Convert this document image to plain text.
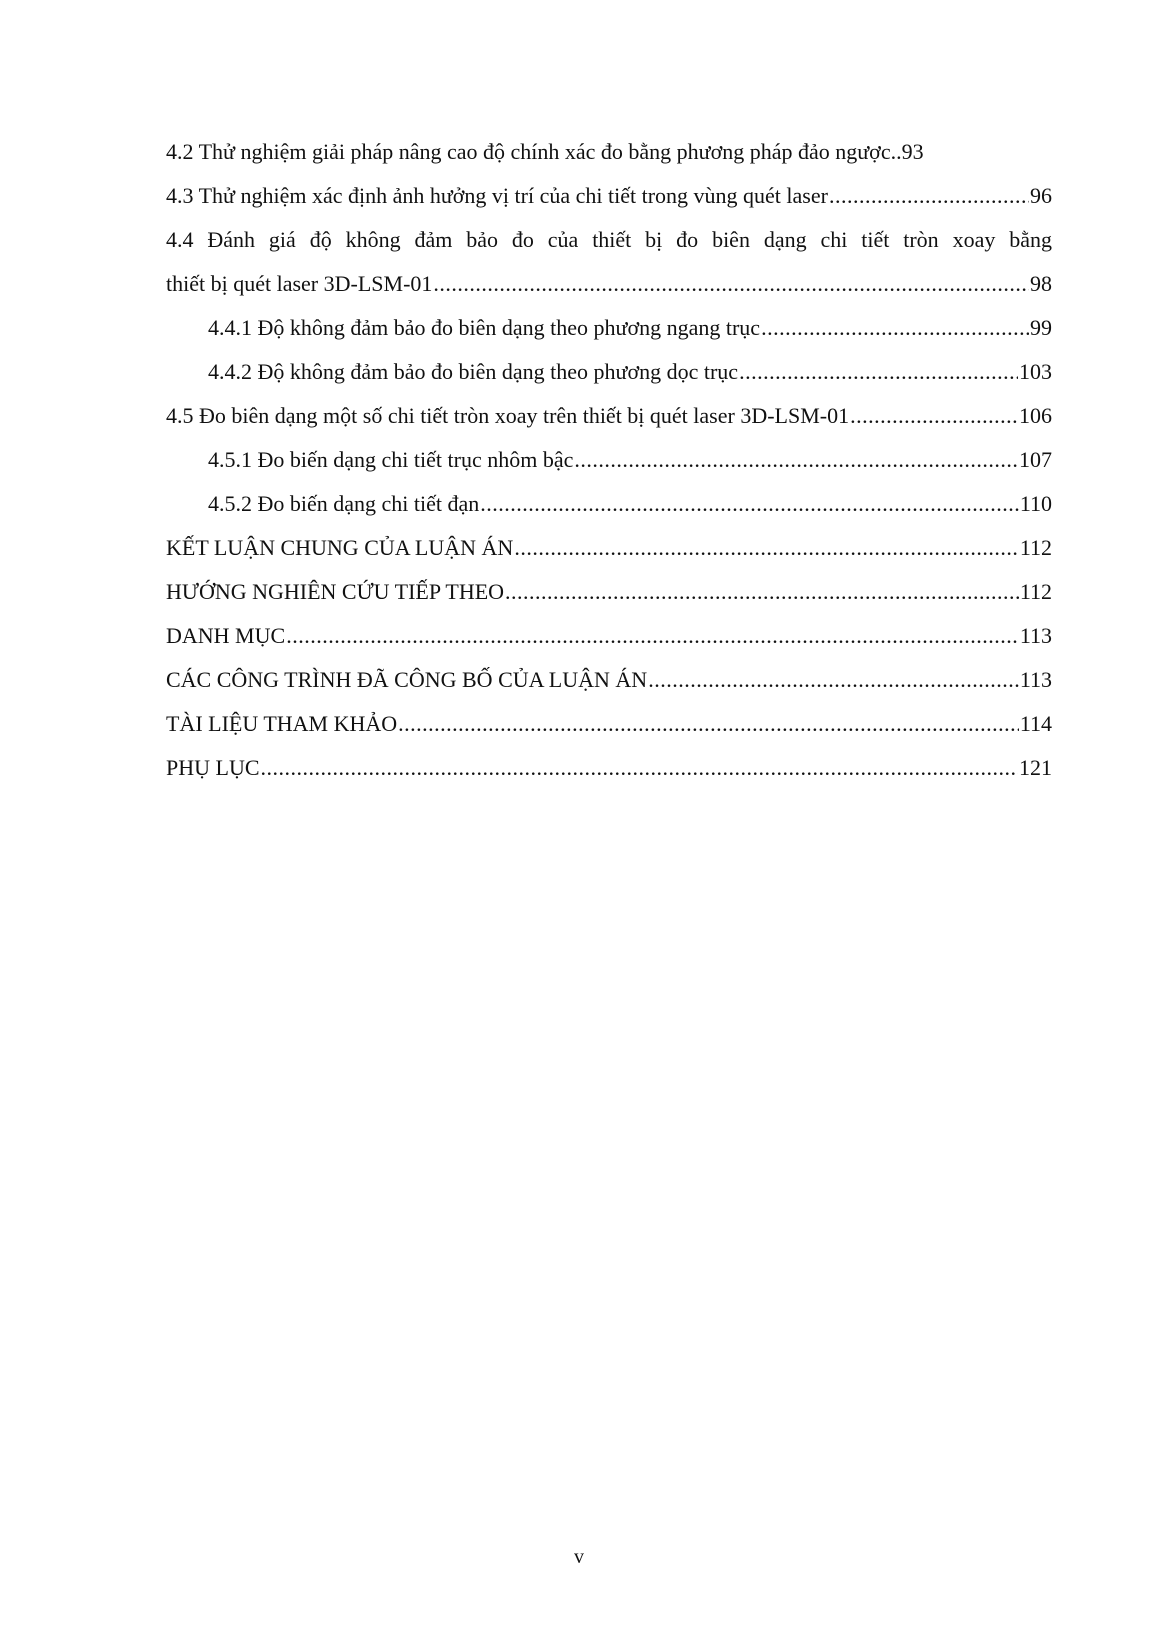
4.2 Thử nghiệm giải pháp nâng cao độ chính xác đo bằng phương pháp đảo ngược .. 93
4.3 Thử nghiệm xác định ảnh hưởng vị trí của chi tiết trong vùng quét laser .....	96
4.4 Đánh giá độ không đảm bảo đo của thiết bị đo biên dạng chi tiết tròn xoay bằng
thiết bị quét laser 3D-LSM-01 .....	98
4.4.1 Độ không đảm bảo đo biên dạng theo phương ngang trục .....	99
4.4.2 Độ không đảm bảo đo biên dạng theo phương dọc trục .....	103
4.5 Đo biên dạng một số chi tiết tròn xoay trên thiết bị quét laser 3D-LSM-01 .....	106
4.5.1 Đo biến dạng chi tiết trục nhôm bậc .....	107
4.5.2 Đo biến dạng chi tiết đạn .....	110
KẾT LUẬN CHUNG CỦA LUẬN ÁN .....	112
HƯỚNG NGHIÊN CỨU TIẾP THEO .....	112
DANH MỤC .....	113
CÁC CÔNG TRÌNH ĐÃ CÔNG BỐ CỦA LUẬN ÁN .....	113
TÀI LIỆU THAM KHẢO .....	114
PHỤ LỤC .....	121
v
